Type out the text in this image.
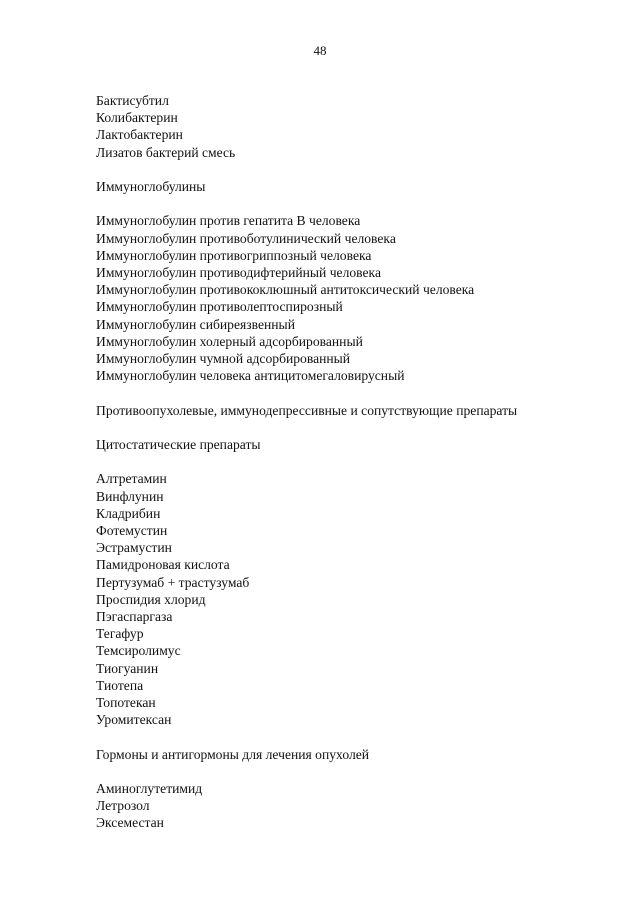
48
Бактисубтил
Колибактерин
Лактобактерин
Лизатов бактерий смесь
Иммуноглобулины
Иммуноглобулин против гепатита В человека
Иммуноглобулин противоботулинический человека
Иммуноглобулин противогриппозный человека
Иммуноглобулин противодифтерийный человека
Иммуноглобулин противококлюшный антитоксический человека
Иммуноглобулин противолептоспирозный
Иммуноглобулин сибиреязвенный
Иммуноглобулин холерный адсорбированный
Иммуноглобулин чумной адсорбированный
Иммуноглобулин человека антицитомегаловирусный
Противоопухолевые, иммунодепрессивные и сопутствующие препараты
Цитостатические препараты
Алтретамин
Винфлунин
Кладрибин
Фотемустин
Эстрамустин
Памидроновая кислота
Пертузумаб + трастузумаб
Проспидия хлорид
Пэгаспаргаза
Тегафур
Темсиролимус
Тиогуанин
Тиотепа
Топотекан
Уромитексан
Гормоны и антигормоны для лечения опухолей
Аминоглутетимид
Летрозол
Эксеместан
